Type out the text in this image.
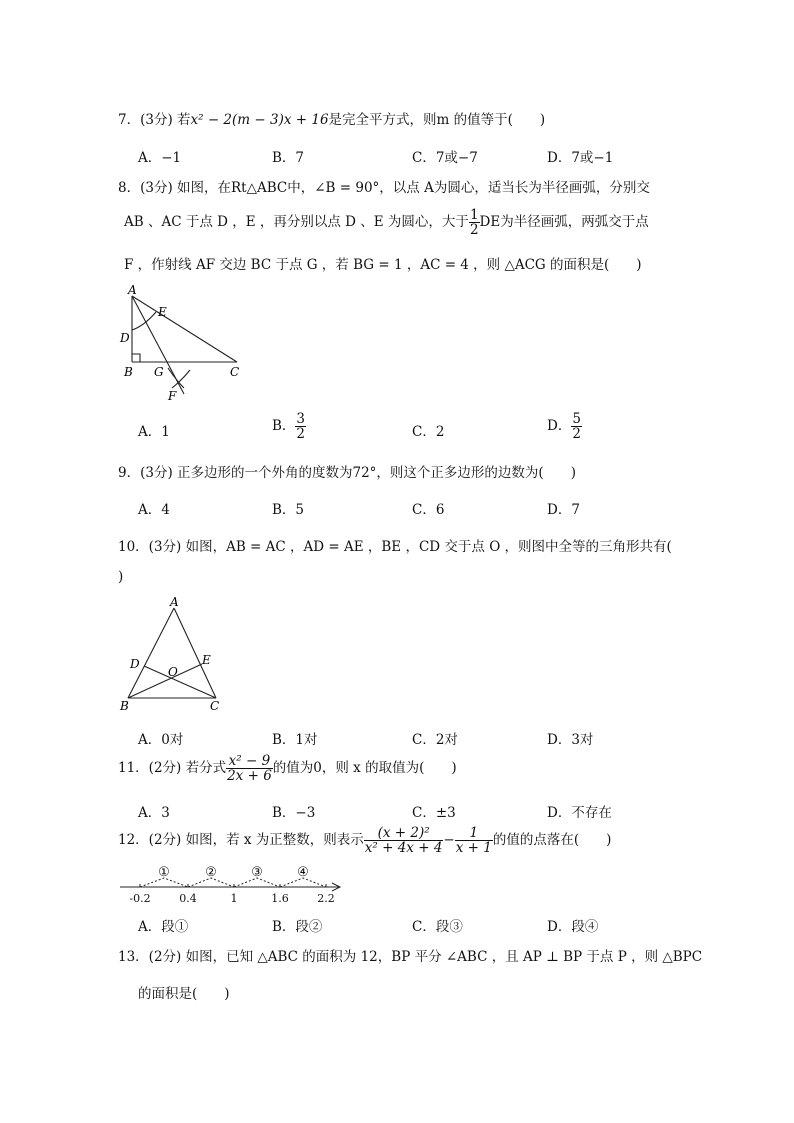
7．(3分) 若x² − 2(m − 3)x + 16是完全平方式，则m 的值等于(　　)
A．−1	B．7	C．7或−7	D．7或−1
8．(3分) 如图，在Rt△ABC中，∠B = 90°，以点 A为圆心，适当长为半径画弧，分别交
AB 、AC 于点 D ，E ，再分别以点 D 、E 为圆心，大于 $\frac{1}{2}$ DE为半径画弧，两弧交于点
F ，作射线 AF 交边 BC 于点 G ，若 BG = 1 ，AC = 4 ，则 △ACG 的面积是(　　)
A
E
D
B G	C
F
A．1	B． $\frac{3}{2}$	C．2	D． $\frac{5}{2}$
9．(3分) 正多边形的一个外角的度数为72°，则这个正多边形的边数为(　　)
A．4	B．5	C．6	D．7
10．(3分) 如图，AB = AC ，AD = AE ，BE ，CD 交于点 O ，则图中全等的三角形共有(
)
A
D
O
E
B	C
A．0对	B．1对	C．2对	D．3对
11．(2分) 若分式 $\frac{\text{x² − 9}}{2x + 6}$ 的值为0，则 x 的取值为(　　)
A．3	B．−3	C．±3	D．不存在
12．(2分) 如图，若 x 为正整数，则表示 $\frac{\text{(x + 2)²}}{\text{x² + 4x + 4}} - \frac{1}{x + 1}$ 的值的点落在(　　)
①	②	③	④
-0.2	0.4	1	1.6	2.2
A．段①	B．段②	C．段③	D．段④
13．(2分) 如图，已知 △ABC 的面积为 12，BP 平分 ∠ABC ，且 AP ⊥ BP 于点 P ，则 △BPC
的面积是(　　)
